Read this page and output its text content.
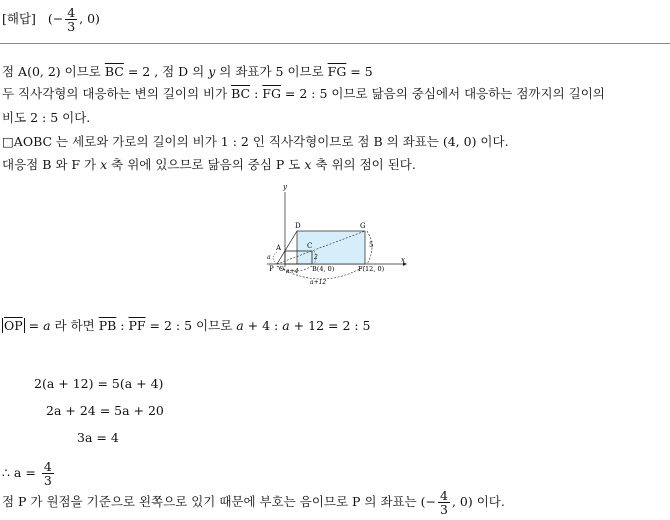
[해답] (− $\frac{4}{3}$ , 0)
점 A(0, 2) 이므로 $\overline{BC} = 2$ , 점 D 의 y 의 좌표가 5 이므로 $\overline{FG} = 5$
두 직사각형의 대응하는 변의 길이의 비가 $\overline{BC}$ : $\overline{FG} = 2$ : 5 이므로 닮음의 중심에서 대응하는 점까지의 길이의
비도 2 : 5 이다.
□AOBC 는 세로와 가로의 길이의 비가 1 : 2 인 직사각형이므로 점 B 의 좌표는 (4, 0) 이다.
대응점 B 와 F 가 x 축 위에 있으므로 닮음의 중심 P 도 x 축 위의 점이 된다.
y
x
D	G
A	C
P O	B(4, 0)	F(12, 0)
5
2
a
a+4
a+12
$\overline{OP} = a$ 라 하면 $\overline{PB}$ : $\overline{PF} = 2$ : 5 이므로 a + 4 : a + 12 = 2 : 5
2(a + 12) = 5(a + 4)
2a + 24 = 5a + 20
3a = 4
∴ $a = \frac{4}{3}$
점 P 가 원점을 기준으로 왼쪽으로 있기 때문에 부호는 음이므로 P 의 좌표는 (− $\frac{4}{3}$ , 0) 이다.
